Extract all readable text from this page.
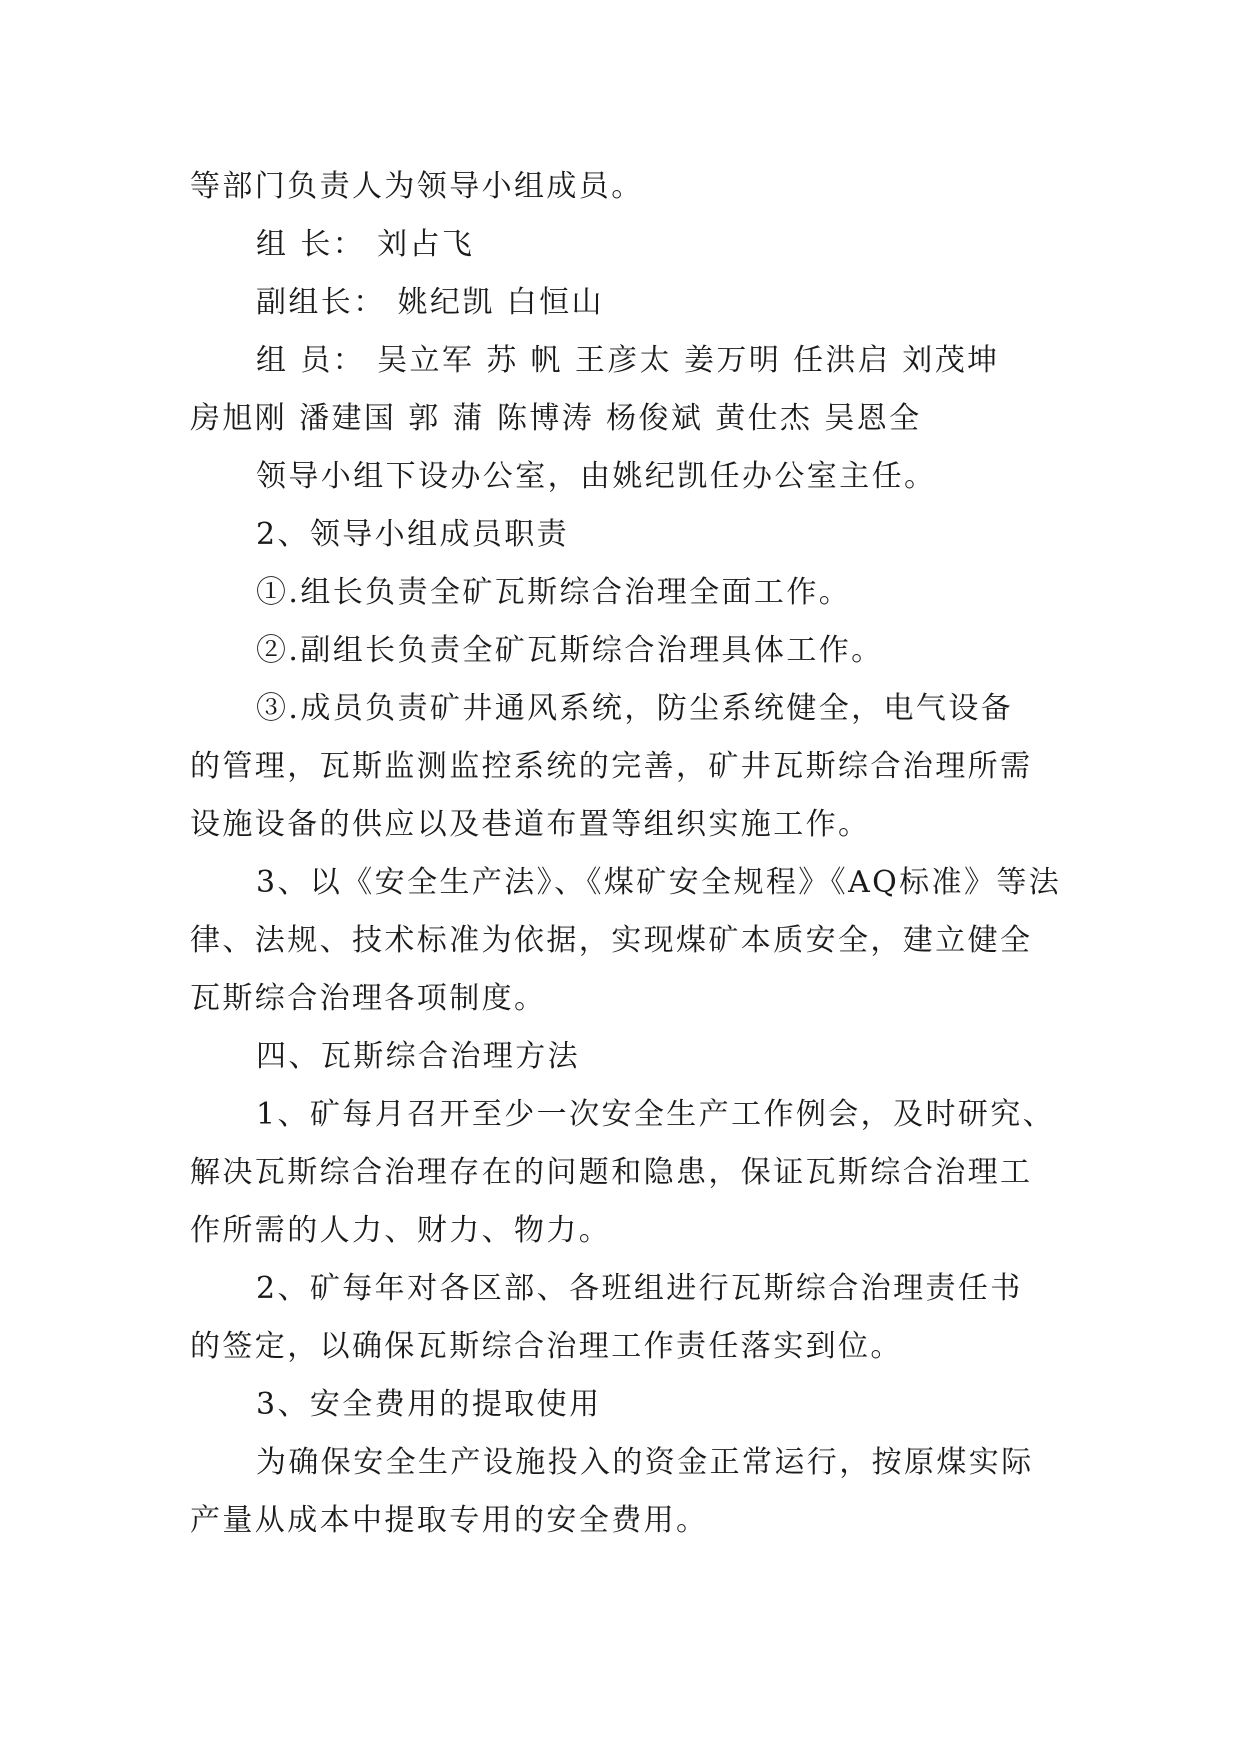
等部门负责人为领导小组成员。
组 长： 刘占飞
副组长： 姚纪凯 白恒山
组 员： 吴立军 苏 帆 王彦太 姜万明 任洪启 刘茂坤
房旭刚 潘建国 郭 蒲 陈博涛 杨俊斌 黄仕杰 吴恩全
领导小组下设办公室，由姚纪凯任办公室主任。
2、领导小组成员职责
①.组长负责全矿瓦斯综合治理全面工作。
②.副组长负责全矿瓦斯综合治理具体工作。
③.成员负责矿井通风系统，防尘系统健全，电气设备
的管理，瓦斯监测监控系统的完善，矿井瓦斯综合治理所需
设施设备的供应以及巷道布置等组织实施工作。
3、以《安全生产法》、《煤矿安全规程》《AQ标准》等法
律、法规、技术标准为依据，实现煤矿本质安全，建立健全
瓦斯综合治理各项制度。
四、瓦斯综合治理方法
1、矿每月召开至少一次安全生产工作例会，及时研究、
解决瓦斯综合治理存在的问题和隐患，保证瓦斯综合治理工
作所需的人力、财力、物力。
2、矿每年对各区部、各班组进行瓦斯综合治理责任书
的签定，以确保瓦斯综合治理工作责任落实到位。
3、安全费用的提取使用
为确保安全生产设施投入的资金正常运行，按原煤实际
产量从成本中提取专用的安全费用。
